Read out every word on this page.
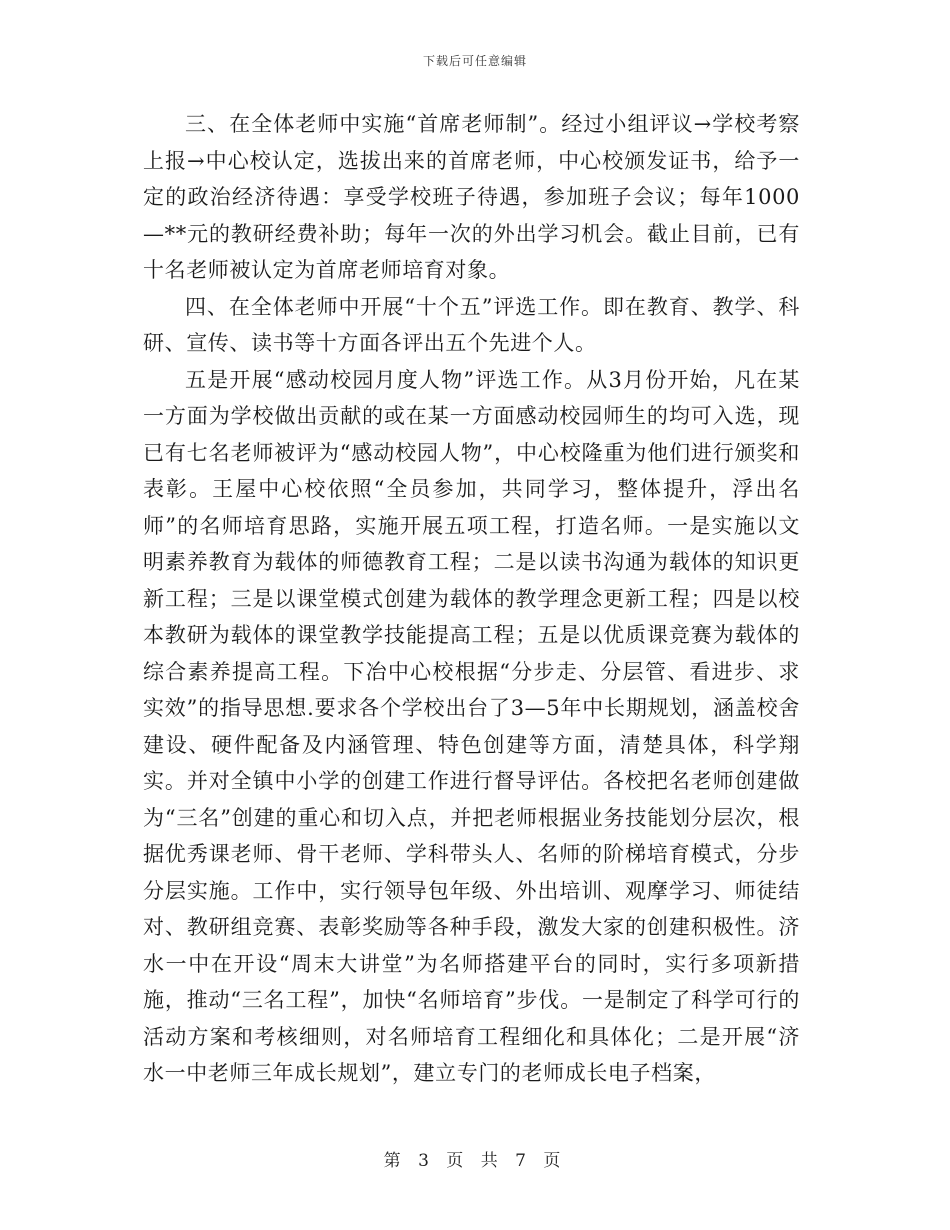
下载后可任意编辑

三、在全体老师中实施“首席老师制”。经过小组评议→学校考察上报→中心校认定，选拔出来的首席老师，中心校颁发证书，给予一定的政治经济待遇：享受学校班子待遇，参加班子会议；每年1000—**元的教研经费补助；每年一次的外出学习机会。截止目前，已有十名老师被认定为首席老师培育对象。

四、在全体老师中开展“十个五”评选工作。即在教育、教学、科研、宣传、读书等十方面各评出五个先进个人。

五是开展“感动校园月度人物”评选工作。从3月份开始，凡在某一方面为学校做出贡献的或在某一方面感动校园师生的均可入选，现已有七名老师被评为“感动校园人物”，中心校隆重为他们进行颁奖和表彰。王屋中心校依照“全员参加，共同学习，整体提升，浮出名师”的名师培育思路，实施开展五项工程，打造名师。一是实施以文明素养教育为载体的师德教育工程；二是以读书沟通为载体的知识更新工程；三是以课堂模式创建为载体的教学理念更新工程；四是以校本教研为载体的课堂教学技能提高工程；五是以优质课竞赛为载体的综合素养提高工程。下冶中心校根据“分步走、分层管、看进步、求实效”的指导思想.要求各个学校出台了3—5年中长期规划，涵盖校舍建设、硬件配备及内涵管理、特色创建等方面，清楚具体，科学翔实。并对全镇中小学的创建工作进行督导评估。各校把名老师创建做为“三名”创建的重心和切入点，并把老师根据业务技能划分层次，根据优秀课老师、骨干老师、学科带头人、名师的阶梯培育模式，分步分层实施。工作中，实行领导包年级、外出培训、观摩学习、师徒结对、教研组竞赛、表彰奖励等各种手段，激发大家的创建积极性。济水一中在开设“周末大讲堂”为名师搭建平台的同时，实行多项新措施，推动“三名工程”，加快“名师培育”步伐。一是制定了科学可行的活动方案和考核细则，对名师培育工程细化和具体化；二是开展“济水一中老师三年成长规划”，建立专门的老师成长电子档案，

第 3 页 共 7 页
